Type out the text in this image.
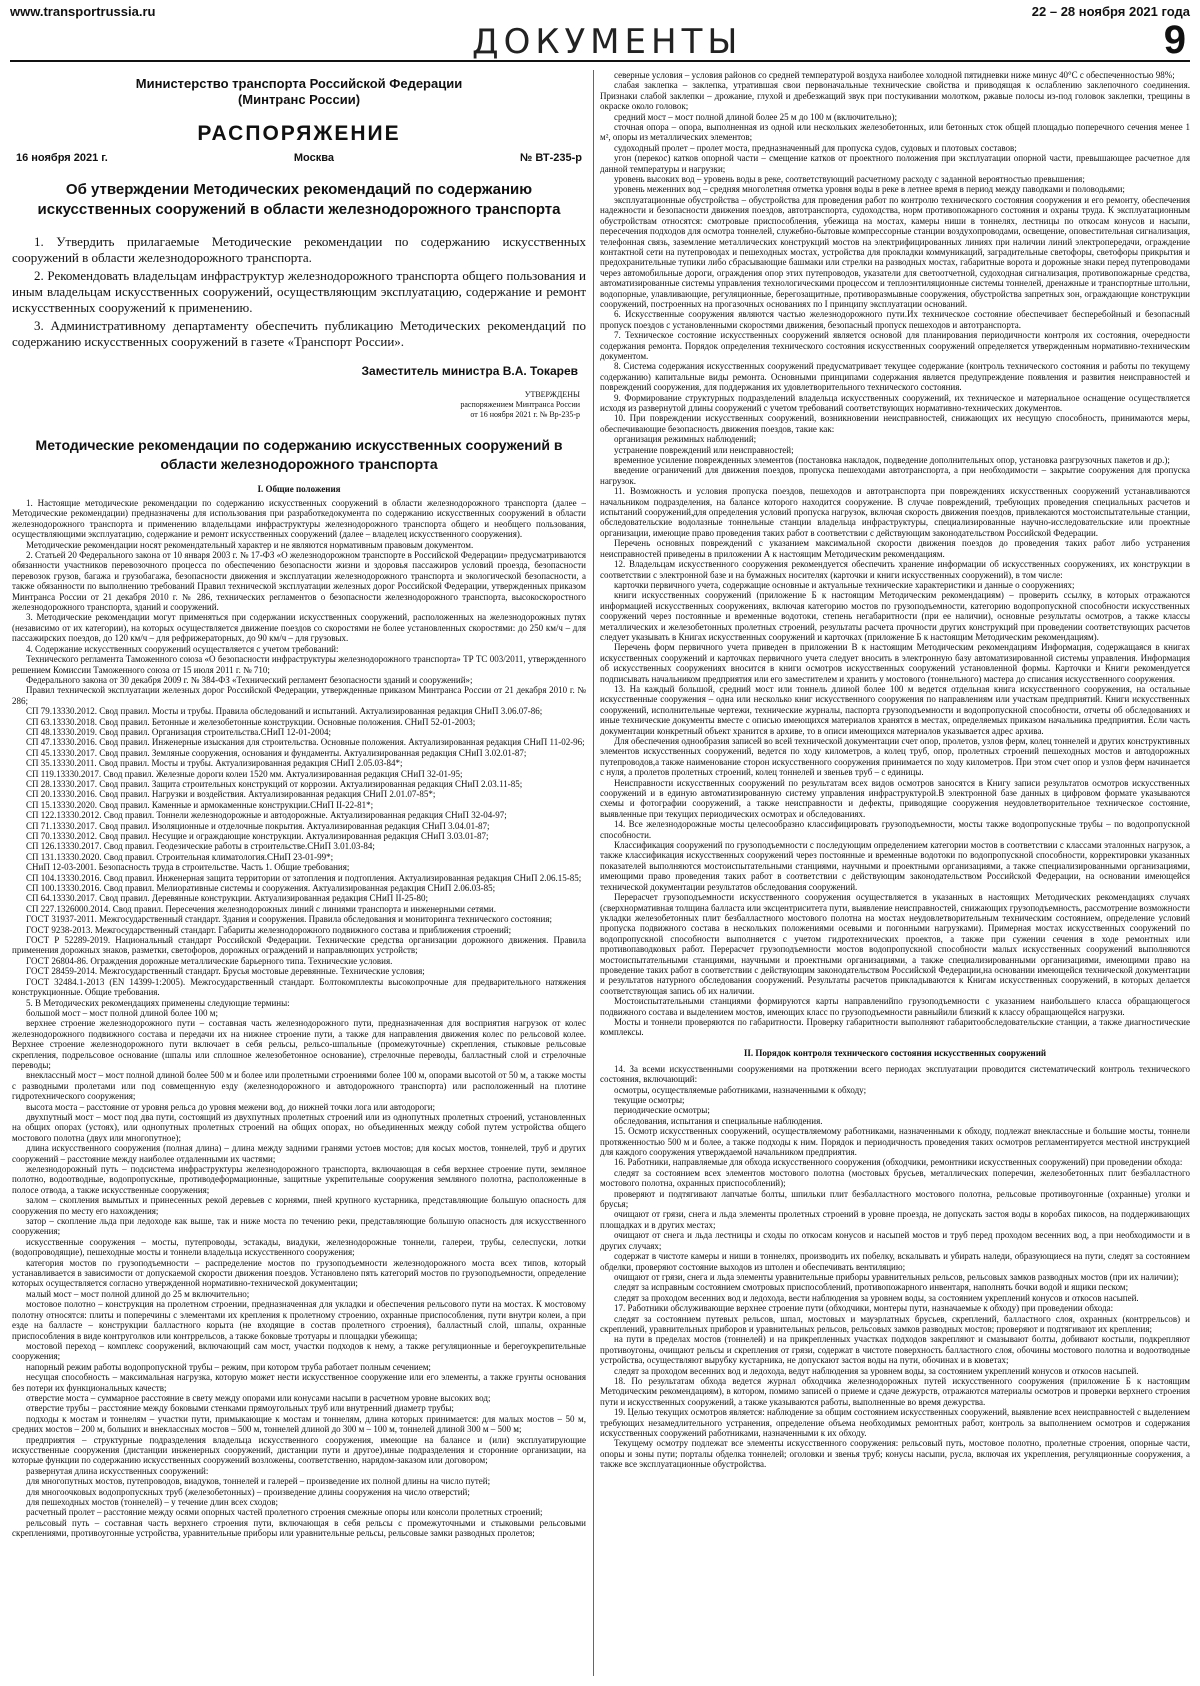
www.transportrussia.ru
ДОКУМЕНТЫ
22 – 28 ноября 2021 года
9
Министерство транспорта Российской Федерации
(Минтранс России)
РАСПОРЯЖЕНИЕ
16 ноября 2021 г.	Москва	№ ВТ-235-р
Об утверждении Методических рекомендаций по содержанию искусственных сооружений в области железнодорожного транспорта

1. Утвердить прилагаемые Методические рекомендации по содержанию искусственных сооружений в области железнодорожного транспорта.

2. Рекомендовать владельцам инфраструктур железнодорожного транспорта общего пользования и иным владельцам искусственных сооружений, осуществляющим эксплуатацию, содержание и ремонт искусственных сооружений к применению.

3. Административному департаменту обеспечить публикацию Методических рекомендаций по содержанию искусственных сооружений в газете «Транспорт России».

Заместитель министра В.А. Токарев
УТВЕРЖДЕНЫ
распоряжением Минтранса России
от 16 ноября 2021 г. № Вр-235-р
Методические рекомендации по содержанию искусственных сооружений в области железнодорожного транспорта
I. Общие положения

1. Настоящие методические рекомендации по содержанию искусственных сооружений в области железнодорожного транспорта (далее – Методические рекомендации) предназначены для использования при разработкедокумента по содержанию искусственных сооружений в области железнодорожного транспорта и применению владельцами инфраструктуры железнодорожного транспорта общего и необщего пользования, осуществляющими эксплуатацию, содержание и ремонт искусственных сооружений (далее – владелец искусственного сооружения).

Методические рекомендации носят рекомендательный характер и не являются нормативным правовым документом.

2. Статьей 20 Федерального закона от 10 января 2003 г. № 17-ФЗ «О железнодорожном транспорте в Российской Федерации» предусматриваются обязанности участников перевозочного процесса по обеспечению безопасности жизни и здоровья пассажиров условий проезда, безопасности перевозок грузов, багажа и грузобагажа, безопасности движения и эксплуатации железнодорожного транспорта и экологической безопасности, а также обязанности по выполнению требований Правил технической эксплуатации железных дорог Российской Федерации, утвержденных приказом Минтранса России от 21 декабря 2010 г. № 286, технических регламентов о безопасности железнодорожного транспорта, высокоскоростного железнодорожного транспорта, зданий и сооружений.

3. Методические рекомендации могут применяться при содержании искусственных сооружений, расположенных на железнодорожных путях (независимо от их категории), на которых осуществляется движение поездов со скоростями не более установленных скоростями: до 250 км/ч – для пассажирских поездов, до 120 км/ч – для рефрижераторных, до 90 км/ч – для грузовых.

4. Содержание искусственных сооружений осуществляется с учетом требований:

Технического регламента Таможенного союза «О безопасности инфраструктуры железнодорожного транспорта» ТР ТС 003/2011, утвержденного решением Комиссии Таможенного союза от 15 июля 2011 г. № 710;

Федерального закона от 30 декабря 2009 г. № 384-ФЗ «Технический регламент безопасности зданий и сооружений»;

Правил технической эксплуатации железных дорог Российской Федерации, утвержденные приказом Минтранса России от 21 декабря 2010 г. № 286;

СП 79.13330.2012. Свод правил. Мосты и трубы. Правила обследований и испытаний. Актуализированная редакция СНиП 3.06.07-86;

СП 63.13330.2018. Свод правил. Бетонные и железобетонные конструкции. Основные положения. СНиП 52-01-2003;

СП 48.13330.2019. Свод правил. Организация строительства.СНиП 12-01-2004;

СП 47.13330.2016. Свод правил. Инженерные изыскания для строительства. Основные положения. Актуализированная редакция СНиП 11-02-96;

СП 45.13330.2017. Свод правил. Земляные сооружения, основания и фундаменты. Актуализированная редакция СНиП 3.02.01-87;

СП 35.13330.2011. Свод правил. Мосты и трубы. Актуализированная редакция СНиП 2.05.03-84*;

СП 119.13330.2017. Свод правил. Железные дороги колеи 1520 мм. Актуализированная редакция СНиП 32-01-95;

СП 28.13330.2017. Свод правил. Защита строительных конструкций от коррозии. Актуализированная редакция СНиП 2.03.11-85;

СП 20.13330.2016. Свод правил. Нагрузки и воздействия. Актуализированная редакция СНиП 2.01.07-85*;

СП 15.13330.2020. Свод правил. Каменные и армокаменные конструкции.СНиП II-22-81*;

СП 122.13330.2012. Свод правил. Тоннели железнодорожные и автодорожные. Актуализированная редакция СНиП 32-04-97;

СП 71.13330.2017. Свод правил. Изоляционные и отделочные покрытия. Актуализированная редакция СНиП 3.04.01-87;

СП 70.13330.2012. Свод правил. Несущие и ограждающие конструкции. Актуализированная редакция СНиП 3.03.01-87;

СП 126.13330.2017. Свод правил. Геодезические работы в строительстве.СНиП 3.01.03-84;

СП 131.13330.2020. Свод правил. Строительная климатология.СНиП 23-01-99*;

СНиП 12-03-2001. Безопасность труда в строительстве. Часть 1. Общие требования;

СП 104.13330.2016. Свод правил. Инженерная защита территории от затопления и подтопления. Актуализированная редакция СНиП 2.06.15-85;

СП 100.13330.2016. Свод правил. Мелиоративные системы и сооружения. Актуализированная редакция СНиП 2.06.03-85;

СП 64.13330.2017. Свод правил. Деревянные конструкции. Актуализированная редакция СНиП II-25-80;

СП 227.1326000.2014. Свод правил. Пересечения железнодорожных линий с линиями транспорта и инженерными сетями.

ГОСТ 31937-2011. Межгосударственный стандарт. Здания и сооружения. Правила обследования и мониторинга технического состояния;

ГОСТ 9238-2013. Межгосударственный стандарт. Габариты железнодорожного подвижного состава и приближения строений;

ГОСТ Р 52289-2019. Национальный стандарт Российской Федерации. Технические средства организации дорожного движения. Правила применения дорожных знаков, разметки, светофоров, дорожных ограждений и направляющих устройств;

ГОСТ 26804-86. Ограждения дорожные металлические барьерного типа. Технические условия.

ГОСТ 28459-2014. Межгосударственный стандарт. Брусья мостовые деревянные. Технические условия;

ГОСТ 32484.1-2013 (EN 14399-1:2005). Межгосударственный стандарт. Болтокомплекты высокопрочные для предварительного натяжения конструкционные. Общие требования.

5. В Методических рекомендациях применены следующие термины:

большой мост – мост полной длиной более 100 м;

верхнее строение железнодорожного пути – составная часть железнодорожного пути, предназначенная для восприятия нагрузок от колес железнодорожного подвижного состава и передачи их на нижнее строение пути, а также для направления движения колес по рельсовой колее. Верхнее строение железнодорожного пути включает в себя рельсы, рельсо-шпальные (промежуточные) скрепления, стыковые рельсовые скрепления, подрельсовое основание (шпалы или сплошное железобетонное основание), стрелочные переводы, балластный слой и стрелочные переводы;

внеклассный мост – мост полной длиной более 500 м и более или пролетными строениями более 100 м, опорами высотой от 50 м, а также мосты с разводными пролетами или под совмещенную езду (железнодорожного и автодорожного транспорта) или расположенный на плотине гидротехнического сооружения;

высота моста – расстояние от уровня рельса до уровня межени вод, до нижней точки лога или автодороги;

двухпутный мост – мост под два пути, состоящий из двухпутных пролетных строений или из однопутных пролетных строений, установленных на общих опорах (устоях), или однопутных пролетных строений на общих опорах, но объединенных между собой путем устройства общего мостового полотна (двух или многопутное);

длина искусственного сооружения (полная длина) – длина между задними гранями устоев мостов; для косых мостов, тоннелей, труб и других сооружений – расстояние между наиболее отдаленными их частями;

железнодорожный путь – подсистема инфраструктуры железнодорожного транспорта, включающая в себя верхнее строение пути, земляное полотно, водоотводные, водопропускные, противодеформационные, защитные укрепительные сооружения земляного полотна, расположенные в полосе отвода, а также искусственные сооружения;

залом – скопления вымытых и принесенных рекой деревьев с корнями, пней крупного кустарника, представляющие большую опасность для сооружения по месту его нахождения;

затор – скопление льда при ледоходе как выше, так и ниже моста по течению реки, представляющие большую опасность для искусственного сооружения;

искусственные сооружения – мосты, путепроводы, эстакады, виадуки, железнодорожные тоннели, галереи, трубы, селеспуски, лотки (водопроводящие), пешеходные мосты и тоннели владельца искусственного сооружения;

категория мостов по грузоподъемности – распределение мостов по грузоподъемности железнодорожного моста всех типов, который устанавливается в зависимости от допускаемой скорости движения поездов. Установлено пять категорий мостов по грузоподъемности, определение которых осуществляется согласно утвержденной нормативно-технической документации;

малый мост – мост полной длиной до 25 м включительно;

мостовое полотно – конструкция на пролетном строении, предназначенная для укладки и обеспечения рельсового пути на мостах. К мостовому полотну относятся: плиты и поперечины с элементами их крепления к пролетному строению, охранные приспособления, пути внутри колеи, а при езде на балласте – конструкции балластного корыта (не входящие в состав пролетного строения), балластный слой, шпалы, охранные приспособления в виде контруголков или контррельсов, а также боковые тротуары и площадки убежища;

мостовой переход – комплекс сооружений, включающий сам мост, участки подходов к нему, а также регуляционные и берегоукрепительные сооружения;

напорный режим работы водопропускной трубы – режим, при котором труба работает полным сечением;

несущая способность – максимальная нагрузка, которую может нести искусственное сооружение или его элементы, а также грунты основания без потери их функциональных качеств;

отверстие моста – суммарное расстояние в свету между опорами или конусами насыпи в расчетном уровне высоких вод;

отверстие трубы – расстояние между боковыми стенками прямоугольных труб или внутренний диаметр трубы;

подходы к мостам и тоннелям – участки пути, примыкающие к мостам и тоннелям, длина которых принимается: для малых мостов – 50 м, средних мостов – 200 м, больших и внеклассных мостов – 500 м, тоннелей длиной до 300 м – 100 м, тоннелей длиной 300 м – 500 м;

предприятия – структурные подразделения владельца искусственного сооружения, имеющие на балансе и (или) эксплуатирующие искусственные сооружения (дистанции инженерных сооружений, дистанции пути и другое),иные подразделения и сторонние организации, на которые функции по содержанию искусственных сооружений возложены, соответственно, нарядом-заказом или договором;

развернутая длина искусственных сооружений:

для многопутных мостов, путепроводов, виадуков, тоннелей и галерей – произведение их полной длины на число путей;

для многоочковых водопропускных труб (железобетонных) – произведение длины сооружения на число отверстий;

для пешеходных мостов (тоннелей) – у течение длин всех сходов;

расчетный пролет – расстояние между осями опорных частей пролетного строения смежные опоры или консоли пролетных строений;

рельсовый путь – составная часть верхнего строения пути, включающая в себя рельсы с промежуточными и стыковыми рельсовыми скреплениями, противоугонные устройства, уравнительные приборы или уравнительные рельсы, рельсовые замки разводных пролетов;

северные условия – условия районов со средней температурой воздуха наиболее холодной пятидневки ниже минус 40°С с обеспеченностью 98%;

слабая заклепка – заклепка, утратившая свои первоначальные технические свойства и приводящая к ослаблению заклепочного соединения. Признаки слабой заклепки – дрожание, глухой и дребезжащий звук при постукивании молотком, ржавые полосы из-под головок заклепки, трещины в окраске около головок;

средний мост – мост полной длиной более 25 м до 100 м (включительно);

сточная опора – опора, выполненная из одной или нескольких железобетонных, или бетонных сток общей площадью поперечного сечения менее 1 м², опоры из металлических элементов;

судоходный пролет – пролет моста, предназначенный для пропуска судов, судовых и плотовых составов;

угон (перекос) катков опорной части – смещение катков от проектного положения при эксплуатации опорной части, превышающее расчетное для данной температуры и нагрузки;

уровень высоких вод – уровень воды в реке, соответствующий расчетному расходу с заданной вероятностью превышения;

уровень меженних вод – средняя многолетняя отметка уровня воды в реке в летнее время в период между паводками и половодьями;

эксплуатационные обустройства – обустройства для проведения работ по контролю технического состояния сооружения и его ремонту, обеспечения надежности и безопасности движения поездов, автотранспорта, судоходства, норм противопожарного состояния и охраны труда. К эксплуатационным обустройствам относятся: смотровые приспособления, убежища на мостах, камеры ниши в тоннелях, лестницы по откосам конусов и насыпи, пересечения подходов для осмотра тоннелей, служебно-бытовые компрессорные станции воздухопроводами, освещение, оповестительная сигнализация, телефонная связь, заземление металлических конструкций мостов на электрифицированных линиях при наличии линий электропередачи, ограждение контактной сети на путепроводах и пешеходных мостах, устройства для прокладки коммуникаций, заградительные светофоры, светофоры прикрытия и предохранительные тупики либо сбрасывающие башмаки или стрелки на разводных мостах, габаритные ворота и дорожные знаки перед путепроводами через автомобильные дороги, ограждения опор этих путепроводов, указатели для светоотчетной, судоходная сигнализация, противопожарные средства, автоматизированные системы управления технологическими процессом и теплоэнтиляционные системы тоннелей, дренажные и транспортные штольни, водопорные, улавливающие, регуляционные, берегозащитные, противоразмывные сооружения, обустройства запретных зон, ограждающие конструкции сооружений, построенных на прогазочных основаниях по I принципу эксплуатации оснований.

6. Искусственные сооружения являются частью железнодорожного пути.Их техническое состояние обеспечивает бесперебойный и безопасный пропуск поездов с установленными скоростями движения, безопасный пропуск пешеходов и автотранспорта.

7. Техническое состояние искусственных сооружений является основой для планирования периодичности контроля их состояния, очередности содержания ремонта. Порядок определения технического состояния искусственных сооружений определяется утвержденным нормативно-техническим документом.

8. Система содержания искусственных сооружений предусматривает текущее содержание (контроль технического состояния и работы по текущему содержанию) капитальные виды ремонта. Основными принципами содержания является предупреждение появления и развития неисправностей и повреждений сооружения, для поддержания их удовлетворительного технического состояния.

9. Формирование структурных подразделений владельца искусственных сооружений, их техническое и материальное оснащение осуществляется исходя из развернутой длины сооружений с учетом требований соответствующих нормативно-технических документов.

10. При повреждении искусственных сооружений, возникновении неисправностей, снижающих их несущую способность, принимаются меры, обеспечивающие безопасность движения поездов, такие как:

организация режимных наблюдений;

устранение повреждений или неисправностей;

временное усиление поврежденных элементов (постановка накладок, подведение дополнительных опор, установка разгрузочных пакетов и др.);

введение ограничений для движения поездов, пропуска пешеходами автотранспорта, а при необходимости – закрытие сооружения для пропуска нагрузок.

11. Возможность и условия пропуска поездов, пешеходов и автотранспорта при повреждениях искусственных сооружений устанавливаются начальником подразделения, на балансе которого находится сооружение. В случае повреждений, требующих проведения специальных расчетов и испытаний сооружений,для определения условий пропуска нагрузок, включая скорость движения поездов, привлекаются мостоиспытательные станции, обследовательские водолазные тоннельные станции владельца инфраструктуры, специализированные научно-исследовательские или проектные организации, имеющие право проведения таких работ в соответствии с действующим законодательством Российской Федерации.

Перечень основных повреждений с указанием максимальной скорости движения поездов до проведения таких работ либо устранения неисправностей приведены в приложении А к настоящим Методическим рекомендациям.

12. Владельцам искусственного сооружения рекомендуется обеспечить хранение информации об искусственных сооружениях, их конструкции в соответствии с электронной базе и на бумажных носителях (карточки и книги искусственных сооружений), в том числе:

карточки первичного учета, содержащие основные и актуальные технические характеристики и данные о сооружениях;

книги искусственных сооружений (приложение Б к настоящим Методическим рекомендациям) – проверить ссылку, в которых отражаются информацией искусственных сооружениях, включая категорию мостов по грузоподъемности, категорию водопропускной способности искусственных сооружений через постоянные и временные водотоки, степень негабаритности (при ее наличии), основные результаты осмотров, а также классы металлических и железобетонных пролетных строений, результаты расчета прочности других конструкций при проведении соответствующих расчетов следует указывать в Книгах искусственных сооружений и карточках (приложение Б к настоящим Методическим рекомендациям).

Перечень форм первичного учета приведен в приложении В к настоящим Методическим рекомендациям Информация, содержащаяся в книгах искусственных сооружений и карточках первичного учета следует вносить в электронную базу автоматизированной системы управления. Информация об искусственных сооружениях вносится в книги осмотров искусственных сооружений установленной формы. Карточки и Книги рекомендуется подписывать начальником предприятия или его заместителем и хранить у мостового (тоннельного) мастера до списания искусственного сооружения.

13. На каждый большой, средний мост или тоннель длиной более 100 м ведется отдельная книга искусственного сооружения, на остальные искусственные сооружения – одна или несколько книг искусственного сооружения по направлениям или участкам предприятий. Книги искусственных сооружений, исполнительные чертежи, технические журналы, паспорта грузоподъемности и водопропускной способности, отчеты об обследованиях и иные технические документы вместе с описью имеющихся материалов хранятся в местах, определяемых приказом начальника предприятия. Если часть документации конкретный объект хранится в архиве, то в описи имеющихся материалов указывается адрес архива.

Для обеспечения однообразия записей во всей технической документации счет опор, пролетов, узлов ферм, колец тоннелей и других конструктивных элементов искусственных сооружений, ведется по ходу километров, а колец труб, опор, пролетных строений пешеходных мостов и автодорожных путепроводов,а также наименование сторон искусственного сооружения принимается по ходу километров. При этом счет опор и узлов ферм начинается с нуля, а пролетов пролетных строений, колец тоннелей и звеньев труб – с единицы.

Неисправности искусственных сооружений по результатам всех видов осмотров заносятся в Книгу записи результатов осмотров искусственных сооружений и в единую автоматизированную систему управления инфраструктурой.В электронной базе данных в цифровом формате указываются схемы и фотографии сооружений, а также неисправности и дефекты, приводящие сооружения неудовлетворительное техническое состояние, выявленные при текущих периодических осмотрах и обследованиях.

14. Все железнодорожные мосты целесообразно классифицировать грузоподъемности, мосты также водопропускные трубы – по водопропускной способности.

Классификация сооружений по грузоподъемности с последующим определением категории мостов в соответствии с классами эталонных нагрузок, а также классификация искусственных сооружений через постоянные и временные водотоки по водопропускной способности, корректировки указанных показателей выполняются мостоиспытательными станциями, научными и проектными организациями, а также специализированными организациями, имеющими право проведения таких работ в соответствии с действующим законодательством Российской Федерации, на основании имеющейся технической документации результатов обследования сооружений.

Перерасчет грузоподъемности искусственного сооружения осуществляется в указанных в настоящих Методических рекомендациях случаях (сверхнормативная толщина балласта или эксцентриситета пути, выявление неисправностей, снижающих грузоподъемность, рассмотрение возможности укладки железобетонных плит безбалластного мостового полотна на мостах неудовлетворительным техническим состоянием, определение условий пропуска подвижного состава в нескольких положениями осевыми и погонными нагрузками). Примерная мостах искусственных сооружений по водопропускной способности выполняется с учетом гидротехнических проектов, а также при сужении сечения в ходе ремонтных или противопаводковых работ. Перерасчет грузоподъемности мостов водопропускной способности малых искусственных сооружений выполняются мостоиспытательными станциями, научными и проектными организациями, а также специализированными организациями, имеющими право на проведение таких работ в соответствии с действующим законодательством Российской Федерации,на основании имеющейся технической документации и результатов натурного обследования сооружений. Результаты расчетов прикладываются к Книгам искусственных сооружений, в которых делается соответствующая запись об их наличии.

Мостоиспытательными станциями формируются карты направленийпо грузоподъемности с указанием наибольшего класса обращающегося подвижного состава и выделением мостов, имеющих класс по грузоподъемности равныйили близкий к классу обращающейся нагрузки.

Мосты и тоннели проверяются по габаритности. Проверку габаритности выполняют габаритообследовательские станции, а также диагностические комплексы.

II. Порядок контроля технического состояния искусственных сооружений

14. За всеми искусственными сооружениями на протяжении всего периодах эксплуатации проводится систематический контроль технического состояния, включающий:

осмотры, осуществляемые работниками, назначенными к обходу;

текущие осмотры;

периодические осмотры;

обследования, испытания и специальные наблюдения.

15. Осмотр искусственных сооружений, осуществляемому работниками, назначенными к обходу, подлежат внеклассные и большие мосты, тоннели протяженностью 500 м и более, а также подходы к ним. Порядок и периодичность проведения таких осмотров регламентируется местной инструкцией для каждого сооружения утверждаемой начальником предприятия.

16. Работники, направляемые для обхода искусственного сооружения (обходчики, ремонтники искусственных сооружений) при проведении обхода:

следят за состоянием всех элементов мостового полотна (мостовых брусьев, металлических поперечин, железобетонных плит безбалластного мостового полотна, охранных приспособлений);

проверяют и подтягивают лапчатые болты, шпильки плит безбалластного мостового полотна, рельсовые противоугонные (охранные) уголки и брусья;

очищают от грязи, снега и льда элементы пролетных строений в уровне проезда, не допускать застоя воды в коробах пикосов, на поддерживающих площадках и в других местах;

очищают от снега и льда лестницы и сходы по откосам конусов и насыпей мостов и труб перед проходом весенних вод, а при необходимости и в других случаях;

содержат в чистоте камеры и ниши в тоннелях, производить их побелку, вскалывать и убирать наледи, образующиеся на пути, следят за состоянием обделки, проверяют состояние выходов из штолен и обеспечивать вентиляцию;

очищают от грязи, снега и льда элементы уравнительные приборы уравнительных рельсов, рельсовых замков разводных мостов (при их наличии);

следят за исправным состоянием смотровых приспособлений, противопожарного инвентаря, наполнять бочки водой и ящики песком;

следят за проходом весенних вод и ледохода, вести наблюдения за уровнем воды, за состоянием укреплений конусов и откосов насыпей.

17. Работники обслуживающие верхнее строение пути (обходчики, монтеры пути, назначаемые к обходу) при проведении обхода:

следят за состоянием путевых рельсов, шпал, мостовых и мауэрлатных брусьев, скреплений, балластного слоя, охранных (контррельсов) и скреплений, уравнительных приборов и уравнительных рельсов, рельсовых замков разводных мостов; проверяют и подтягивают их крепления;

на пути в пределах мостов (тоннелей) и на прикрепленных участках подходов закрепляют и смазывают болты, добивают костыли, подкрепляют противоугоны, очищают рельсы и скрепления от грязи, содержат в чистоте поверхность балластного слоя, обочины мостового полотна и водоотводные устройства, осуществляют вырубку кустарника, не допускают застоя воды на пути, обочинах и в кюветах;

следят за проходом весенних вод и ледохода, ведут наблюдения за уровнем воды, за состоянием укреплений конусов и откосов насыпей.

18. По результатам обхода ведется журнал обходчика железнодорожных путей искусственного сооружения (приложение Б к настоящим Методическим рекомендациям), в котором, помимо записей о приеме и сдаче дежурств, отражаются материалы осмотров и проверки верхнего строения пути и искусственных сооружений, а также указываются работы, выполненные во время дежурства.

19. Целью текущих осмотров является: наблюдение за общим состоянием искусственных сооружений, выявление всех неисправностей с выделением требующих незамедлительного устранения, определение объема необходимых ремонтных работ, контроль за выполнением осмотров и содержания искусственных сооружений работниками, назначенными к их обходу.

Текущему осмотру подлежат все элементы искусственного сооружения: рельсовый путь, мостовое полотно, пролетные строения, опорные части, опоры и зоны пути; порталы обделка тоннелей; оголовки и звенья труб; конусы насыпи, русла, включая их укрепления, регуляционные сооружения, а также все эксплуатационные обустройства.
